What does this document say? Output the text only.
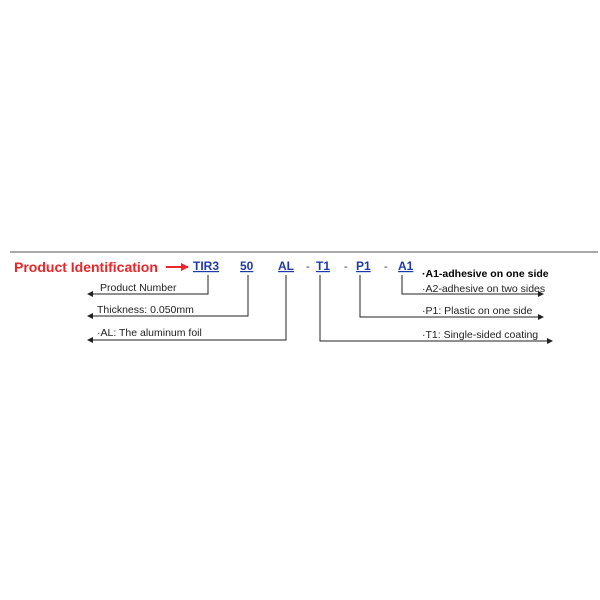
Product Identification	TIR3 50 AL - T1 - P1 - A1
Product Number
Thickness: 0.050mm
·AL: The aluminum foil	·T1: Single-sided coating
·P1: Plastic on one side
·A2-adhesive on two sides
·A1-adhesive on one side
